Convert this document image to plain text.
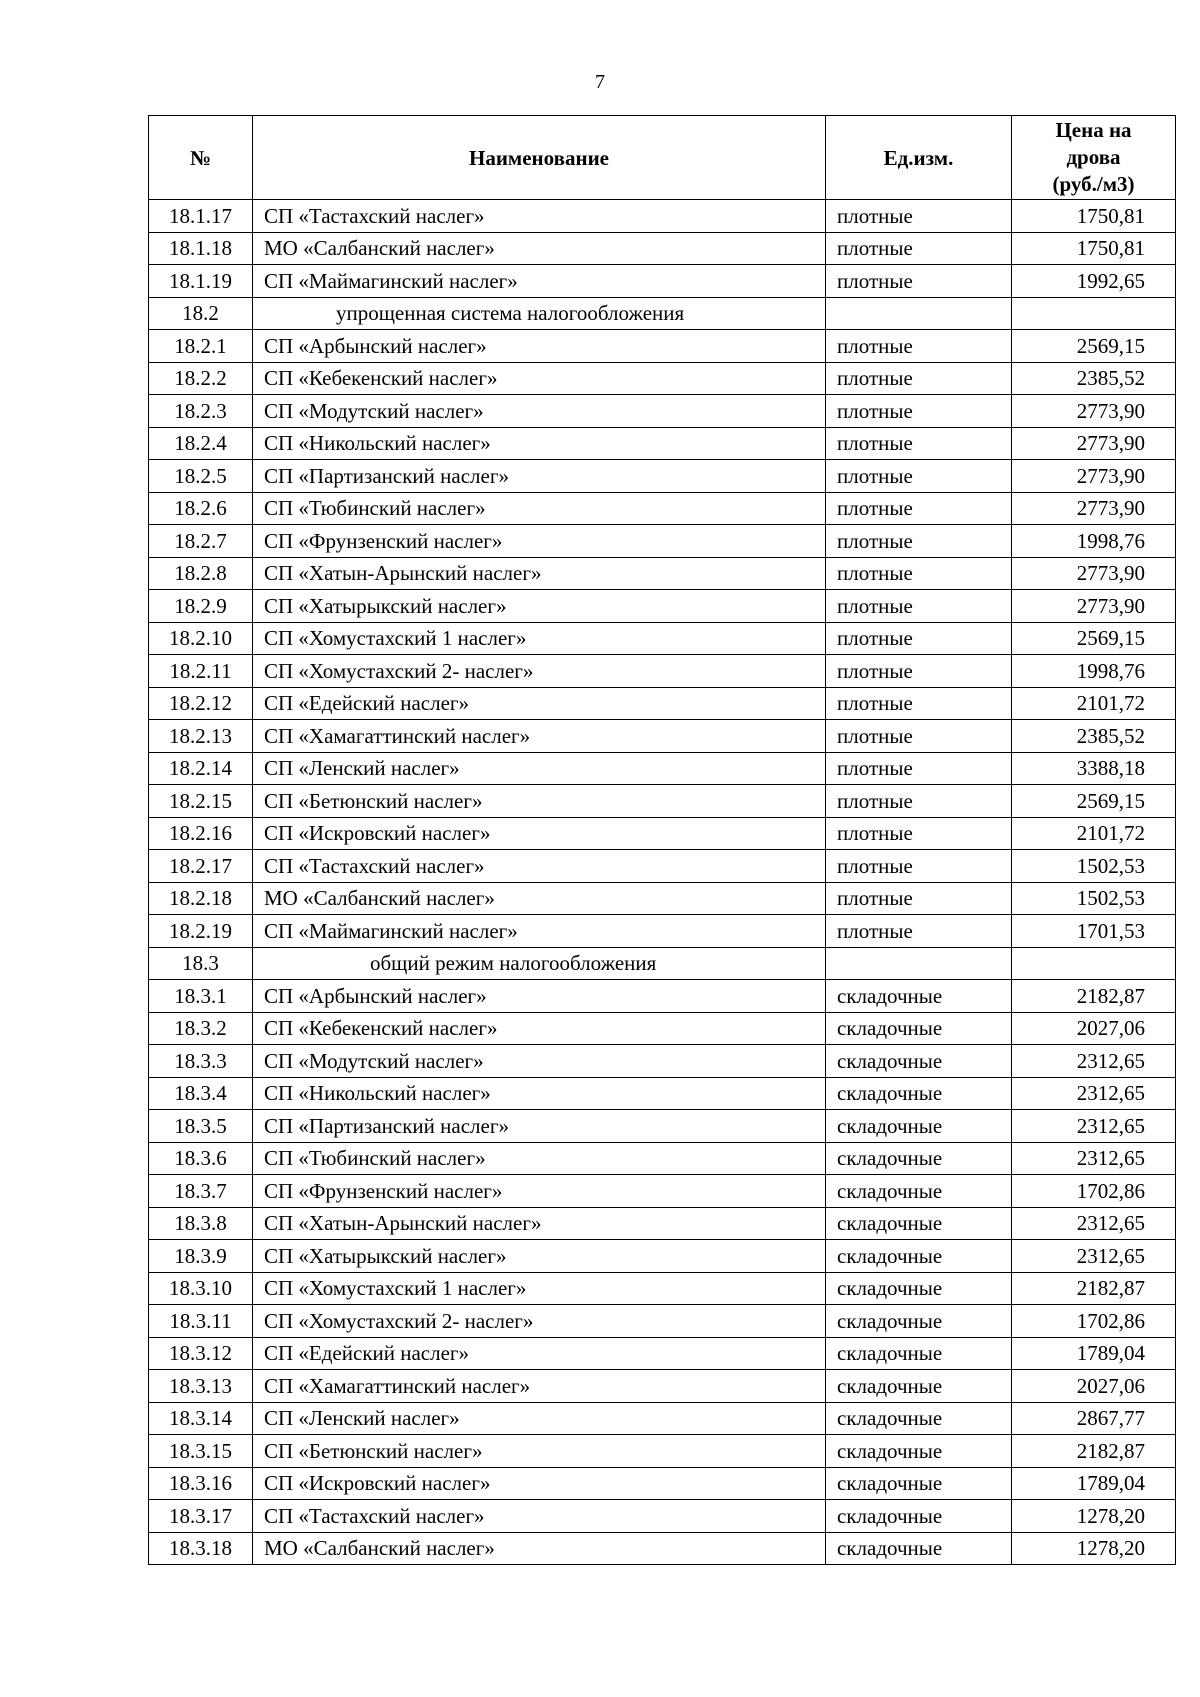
7
№	Наименование	Ед.изм.	Цена на
дрова
(руб./м3)
18.1.17	СП «Тастахский наслег»	плотные	1750,81
18.1.18	МО «Салбанский наслег»	плотные	1750,81
18.1.19	СП «Маймагинский наслег»	плотные	1992,65
18.2	упрощенная система налогообложения		
18.2.1	СП «Арбынский наслег»	плотные	2569,15
18.2.2	СП «Кебекенский наслег»	плотные	2385,52
18.2.3	СП «Модутский наслег»	плотные	2773,90
18.2.4	СП «Никольский наслег»	плотные	2773,90
18.2.5	СП «Партизанский наслег»	плотные	2773,90
18.2.6	СП «Тюбинский наслег»	плотные	2773,90
18.2.7	СП «Фрунзенский наслег»	плотные	1998,76
18.2.8	СП «Хатын-Арынский наслег»	плотные	2773,90
18.2.9	СП «Хатырыкский наслег»	плотные	2773,90
18.2.10	СП «Хомустахский 1 наслег»	плотные	2569,15
18.2.11	СП «Хомустахский 2- наслег»	плотные	1998,76
18.2.12	СП «Едейский наслег»	плотные	2101,72
18.2.13	СП «Хамагаттинский наслег»	плотные	2385,52
18.2.14	СП «Ленский наслег»	плотные	3388,18
18.2.15	СП «Бетюнский наслег»	плотные	2569,15
18.2.16	СП «Искровский наслег»	плотные	2101,72
18.2.17	СП «Тастахский наслег»	плотные	1502,53
18.2.18	МО «Салбанский наслег»	плотные	1502,53
18.2.19	СП «Маймагинский наслег»	плотные	1701,53
18.3	общий режим налогообложения		
18.3.1	СП «Арбынский наслег»	складочные	2182,87
18.3.2	СП «Кебекенский наслег»	складочные	2027,06
18.3.3	СП «Модутский наслег»	складочные	2312,65
18.3.4	СП «Никольский наслег»	складочные	2312,65
18.3.5	СП «Партизанский наслег»	складочные	2312,65
18.3.6	СП «Тюбинский наслег»	складочные	2312,65
18.3.7	СП «Фрунзенский наслег»	складочные	1702,86
18.3.8	СП «Хатын-Арынский наслег»	складочные	2312,65
18.3.9	СП «Хатырыкский наслег»	складочные	2312,65
18.3.10	СП «Хомустахский 1 наслег»	складочные	2182,87
18.3.11	СП «Хомустахский 2- наслег»	складочные	1702,86
18.3.12	СП «Едейский наслег»	складочные	1789,04
18.3.13	СП «Хамагаттинский наслег»	складочные	2027,06
18.3.14	СП «Ленский наслег»	складочные	2867,77
18.3.15	СП «Бетюнский наслег»	складочные	2182,87
18.3.16	СП «Искровский наслег»	складочные	1789,04
18.3.17	СП «Тастахский наслег»	складочные	1278,20
18.3.18	МО «Салбанский наслег»	складочные	1278,20
